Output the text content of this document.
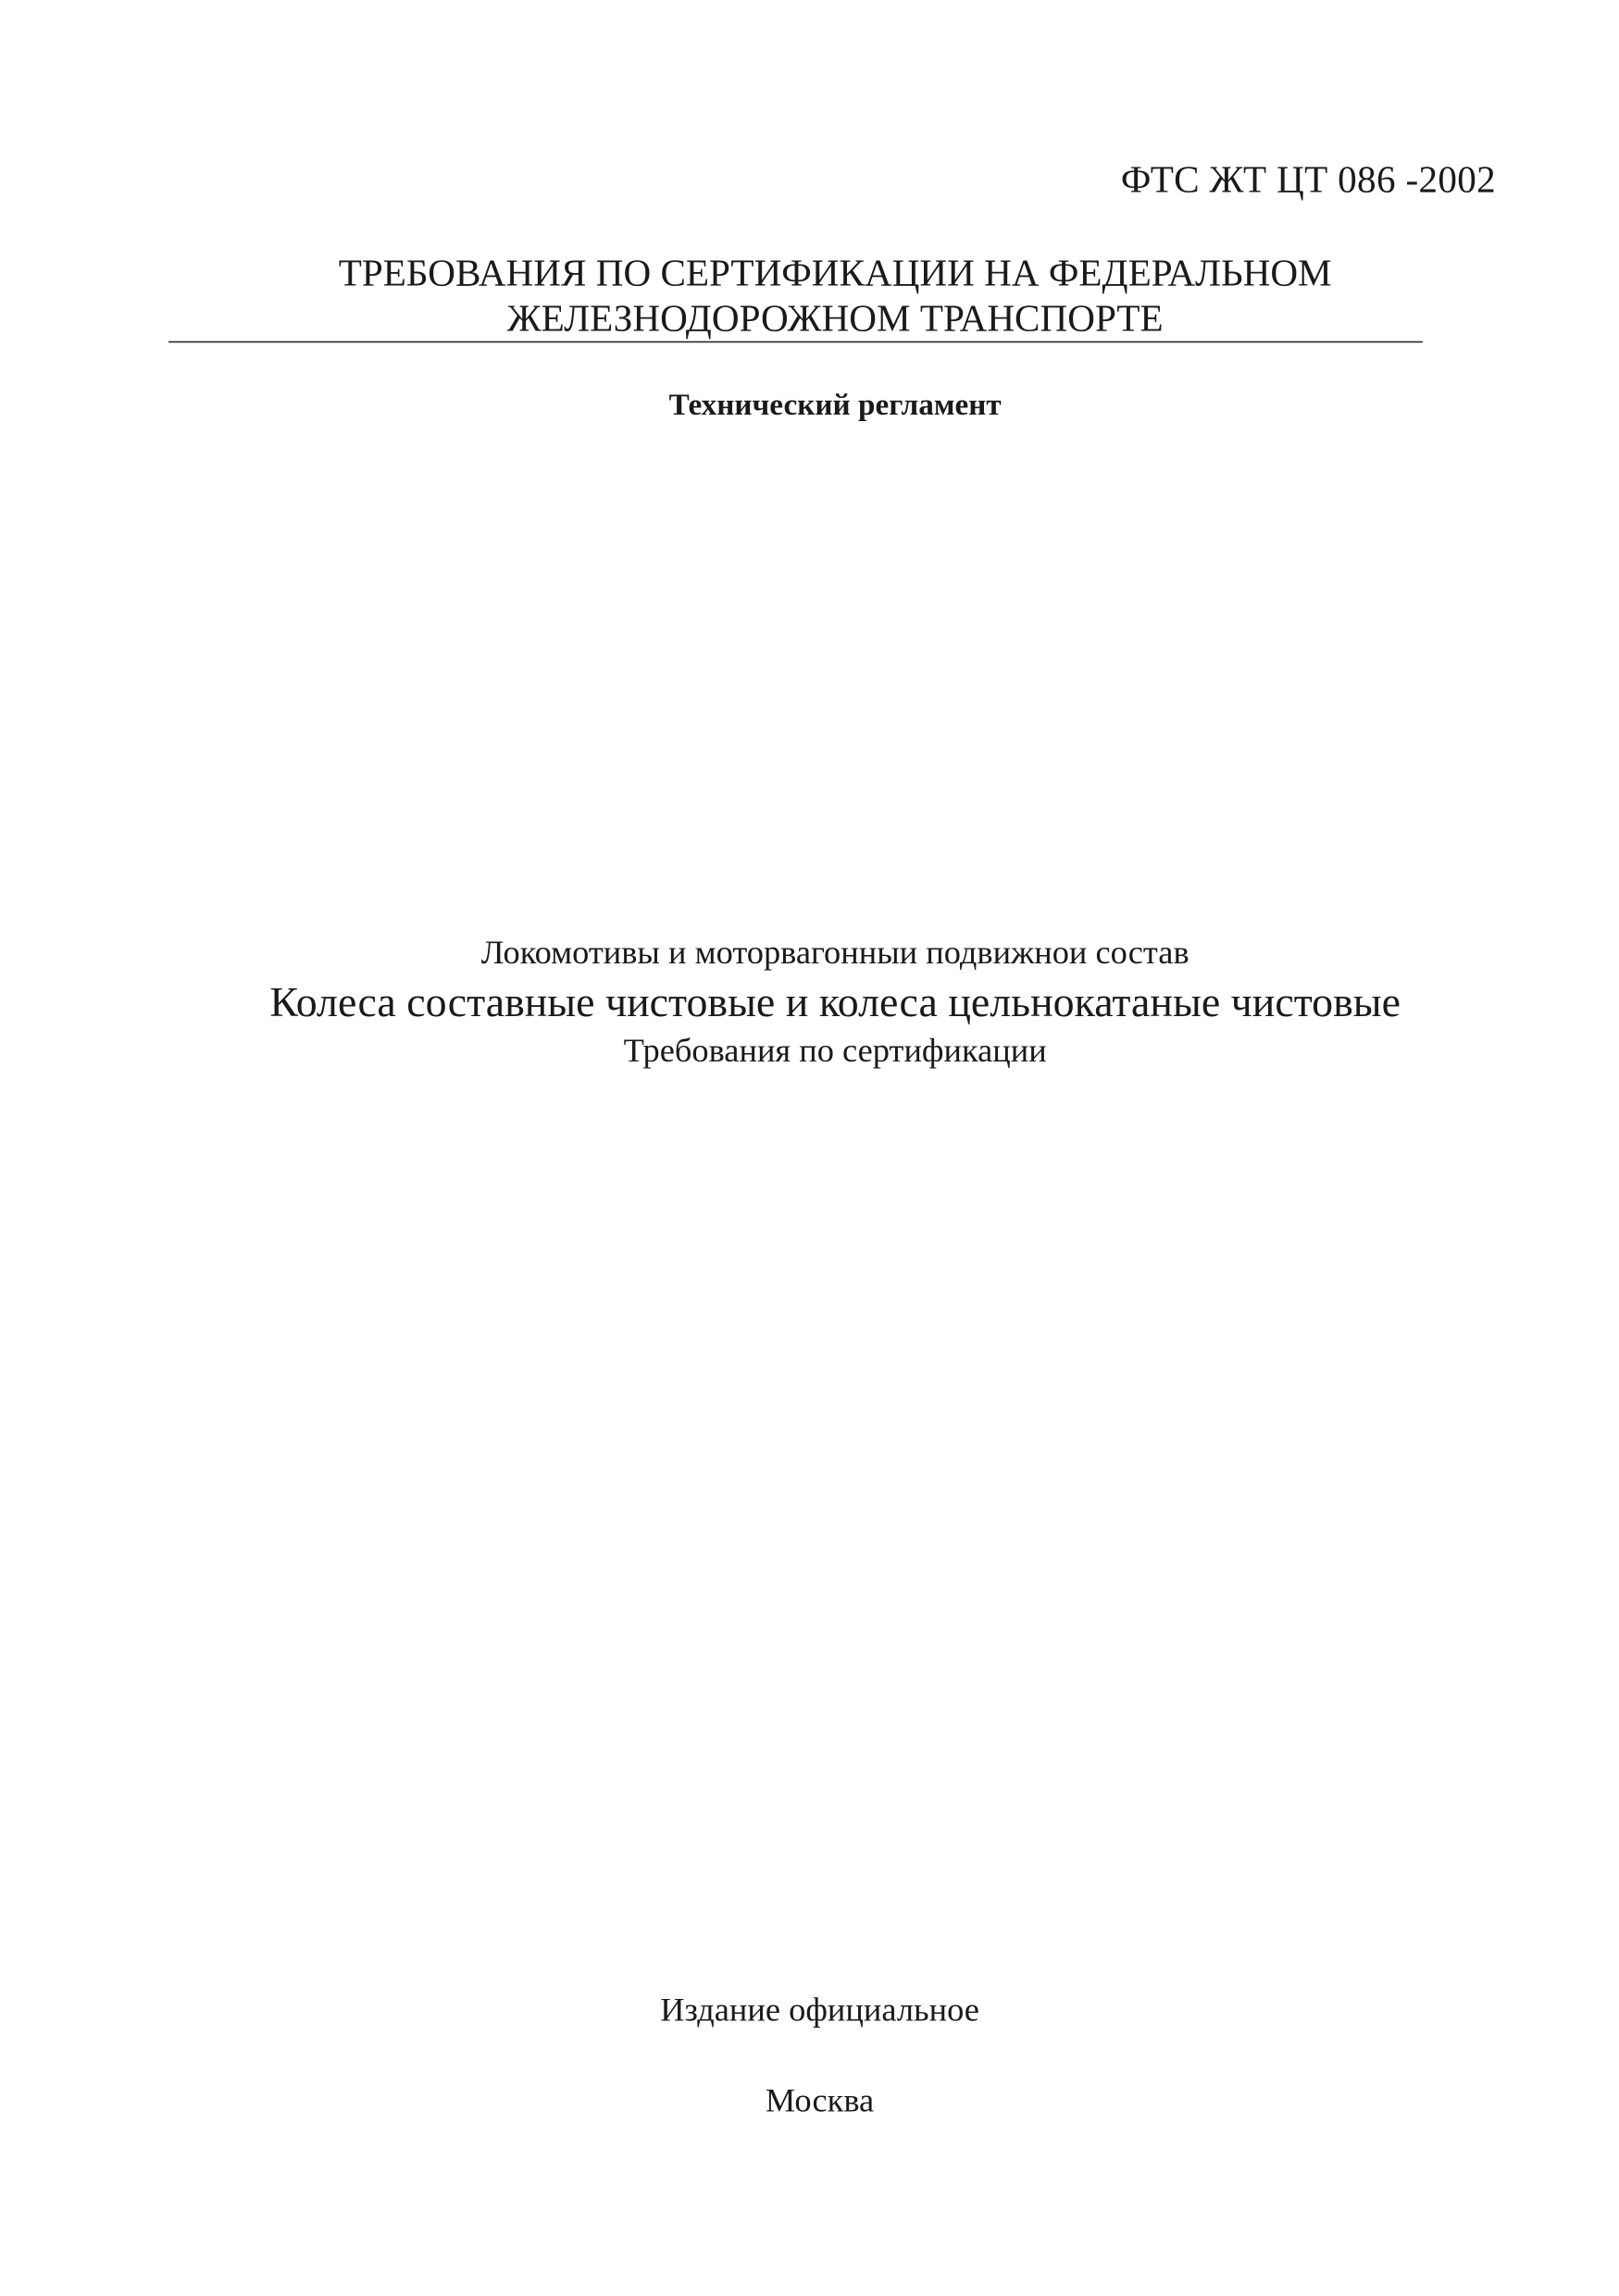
ФТС ЖТ ЦТ 086 -2002
ТРЕБОВАНИЯ ПО СЕРТИФИКАЦИИ НА ФЕДЕРАЛЬНОМ
ЖЕЛЕЗНОДОРОЖНОМ ТРАНСПОРТЕ
Технический регламент
Локомотивы и моторвагонныи подвижнои состав
Колеса составные чистовые и колеса цельнокатаные чистовые
Требования по сертификации
Издание официальное
Москва
